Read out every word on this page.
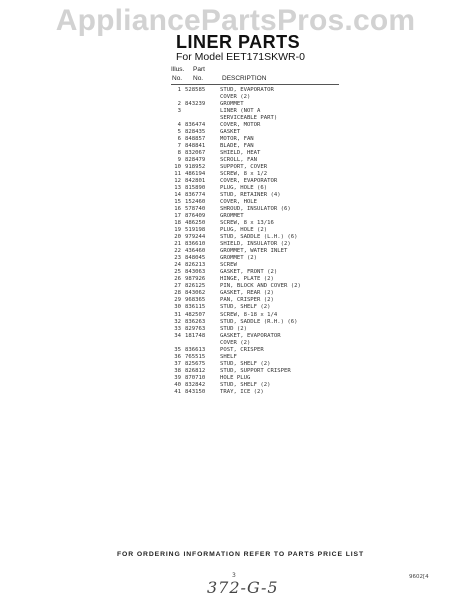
AppliancePartsPros.com
LINER PARTS
For Model EET171SKWR-0
Illus. Part
No. No.	DESCRIPTION
1 528585	STUD, EVAPORATOR
COVER (2)
2 843239	GROMMET
3	LINER (NOT A
SERVICEABLE PART)
4 836474	COVER, MOTOR
5 828435	GASKET
6 848857	MOTOR, FAN
7 848841	BLADE, FAN
8 832067	SHIELD, HEAT
9 828479	SCROLL, FAN
10 918952	SUPPORT, COVER
11 486194	SCREW, 8 x 1/2
12 842801	COVER, EVAPORATOR
13 815890	PLUG, HOLE (6)
14 836774	STUD, RETAINER (4)
15 152460	COVER, HOLE
16 578740	SHROUD, INSULATOR (6)
17 876409	GROMMET
18 486250	SCREW, 8 x 13/16
19 519198	PLUG, HOLE (2)
20 979244	STUD, SADDLE (L.H.) (6)
21 836610	SHIELD, INSULATOR (2)
22 436460	GROMMET, WATER INLET
23 848045	GROMMET (2)
24 826213	SCREW
25 843063	GASKET, FRONT (2)
26 987926	HINGE, PLATE (2)
27 826125	PIN, BLOCK AND COVER (2)
28 843062	GASKET, REAR (2)
29 968365	PAN, CRISPER (2)
30 836115	STUD, SHELF (2)
31 482507	SCREW, 8-18 x 1/4
32 836263	STUD, SADDLE (R.H.) (6)
33 829763	STUD (2)
34 181748	GASKET, EVAPORATOR
COVER (2)
35 836613	POST, CRISPER
36 765515	SHELF
37 825675	STUD, SHELF (2)
38 826812	STUD, SUPPORT CRISPER
39 870710	HOLE PLUG
40 832842	STUD, SHELF (2)
41 843150	TRAY, ICE (2)
FOR ORDERING INFORMATION REFER TO PARTS PRICE LIST
3	9602[4
372-G-5
